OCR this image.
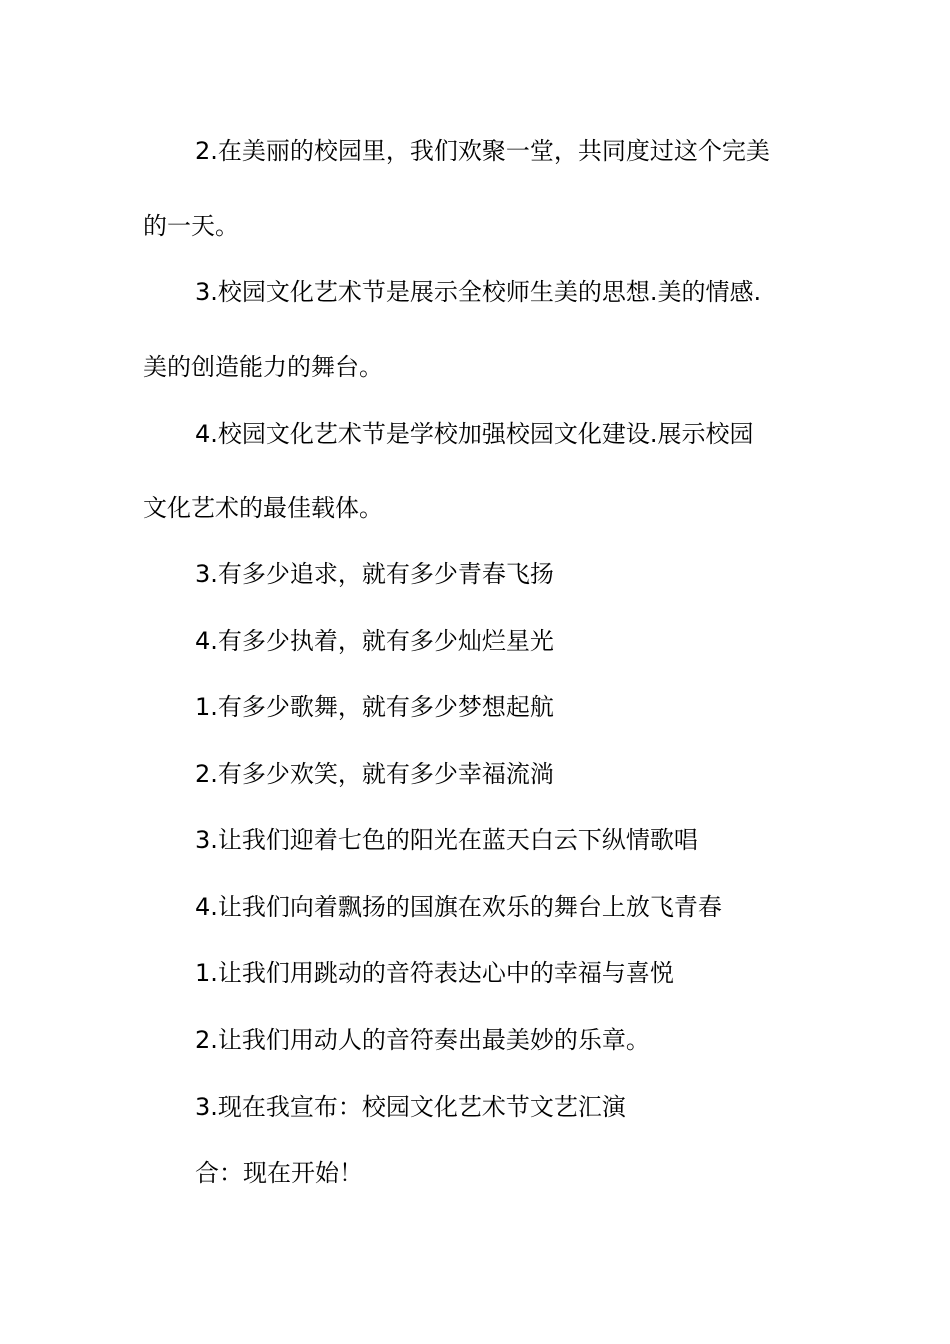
2.在美丽的校园里，我们欢聚一堂，共同度过这个完美
的一天。
3.校园文化艺术节是展示全校师生美的思想.美的情感.
美的创造能力的舞台。
4.校园文化艺术节是学校加强校园文化建设.展示校园
文化艺术的最佳载体。
3.有多少追求，就有多少青春飞扬
4.有多少执着，就有多少灿烂星光
1.有多少歌舞，就有多少梦想起航
2.有多少欢笑，就有多少幸福流淌
3.让我们迎着七色的阳光在蓝天白云下纵情歌唱
4.让我们向着飘扬的国旗在欢乐的舞台上放飞青春
1.让我们用跳动的音符表达心中的幸福与喜悦
2.让我们用动人的音符奏出最美妙的乐章。
3.现在我宣布：校园文化艺术节文艺汇演
合：现在开始！
